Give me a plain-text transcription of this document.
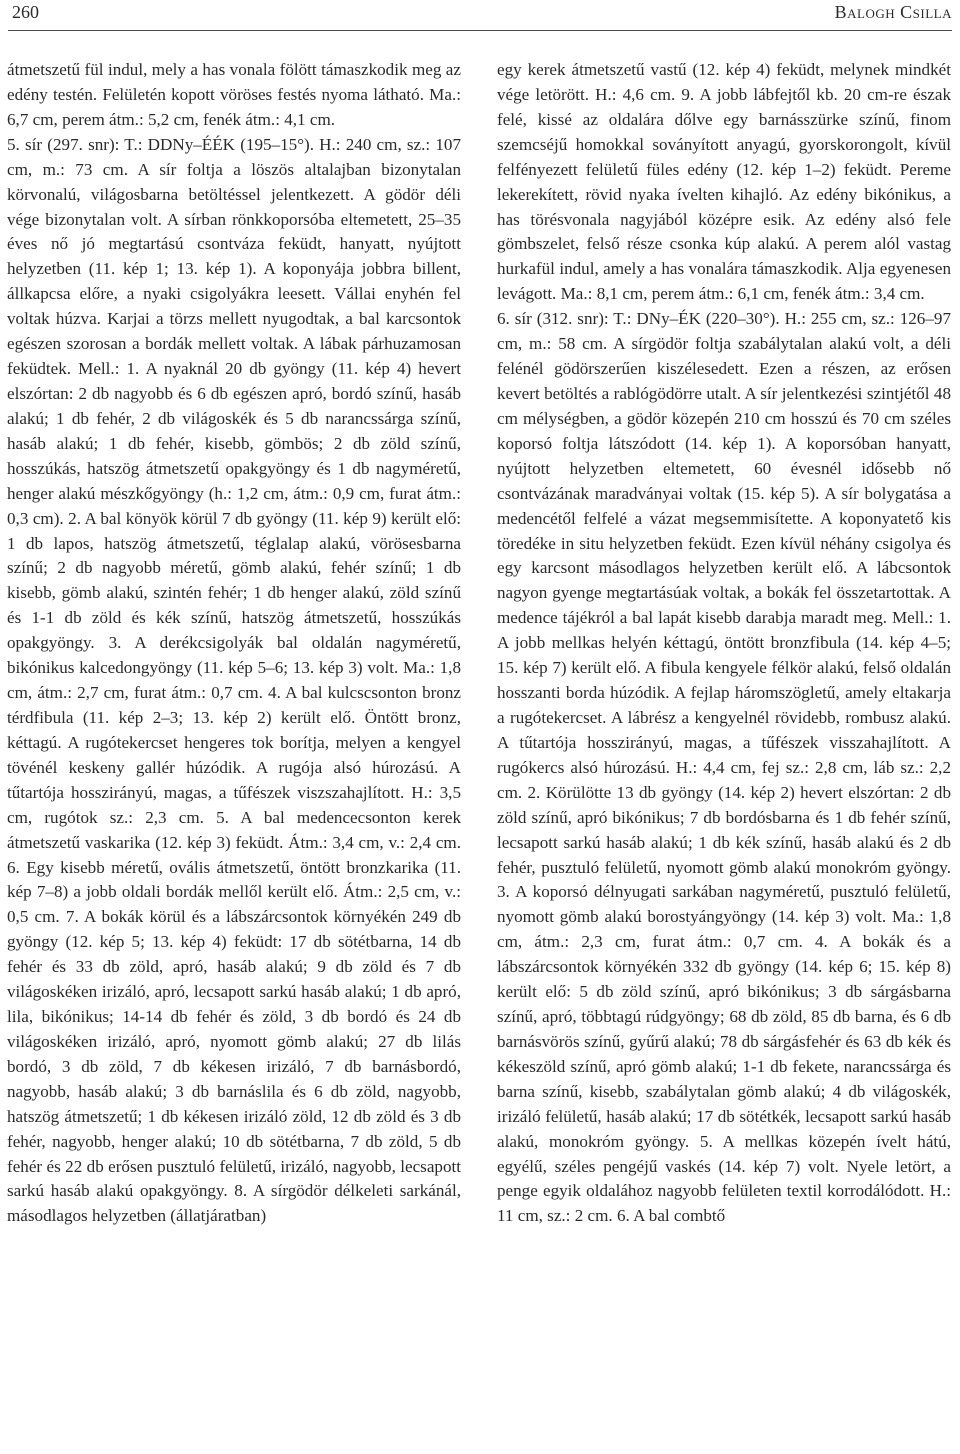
260	Balogh Csilla

átmetszetű fül indul, mely a has vonala fölött támaszkodik meg az edény testén. Felületén kopott vöröses festés nyoma látható. Ma.: 6,7 cm, perem átm.: 5,2 cm, fenék átm.: 4,1 cm.

5. sír (297. snr): T.: DDNy–ÉÉK (195–15°). H.: 240 cm, sz.: 107 cm, m.: 73 cm. A sír foltja a löszös altalajban bizonytalan körvonalú, világosbarna betöltéssel jelentkezett. A gödör déli vége bizonytalan volt. A sírban rönkkoporsóba eltemetett, 25–35 éves nő jó megtartású csontváza feküdt, hanyatt, nyújtott helyzetben (11. kép 1; 13. kép 1). A koponyája jobbra billent, állkapcsa előre, a nyaki csigolyákra leesett. Vállai enyhén fel voltak húzva. Karjai a törzs mellett nyugodtak, a bal karcsontok egészen szorosan a bordák mellett voltak. A lábak párhuzamosan feküdtek. Mell.: 1. A nyaknál 20 db gyöngy (11. kép 4) hevert elszórtan: 2 db nagyobb és 6 db egészen apró, bordó színű, hasáb alakú; 1 db fehér, 2 db világoskék és 5 db narancssárga színű, hasáb alakú; 1 db fehér, kisebb, gömbös; 2 db zöld színű, hosszúkás, hatszög átmetszetű opakgyöngy és 1 db nagyméretű, henger alakú mészkőgyöngy (h.: 1,2 cm, átm.: 0,9 cm, furat átm.: 0,3 cm). 2. A bal könyök körül 7 db gyöngy (11. kép 9) került elő: 1 db lapos, hatszög átmetszetű, téglalap alakú, vörösesbarna színű; 2 db nagyobb méretű, gömb alakú, fehér színű; 1 db kisebb, gömb alakú, szintén fehér; 1 db henger alakú, zöld színű és 1-1 db zöld és kék színű, hatszög átmetszetű, hosszúkás opakgyöngy. 3. A derékcsigolyák bal oldalán nagyméretű, bikónikus kalcedongyöngy (11. kép 5–6; 13. kép 3) volt. Ma.: 1,8 cm, átm.: 2,7 cm, furat átm.: 0,7 cm. 4. A bal kulcscsonton bronz térdfibula (11. kép 2–3; 13. kép 2) került elő. Öntött bronz, kéttagú. A rugótekercset hengeres tok borítja, melyen a kengyel tövénél keskeny gallér húzódik. A rugója alsó húrozású. A tűtartója hosszirányú, magas, a tűfészek viszszahajlított. H.: 3,5 cm, rugótok sz.: 2,3 cm. 5. A bal medencecsonton kerek átmetszetű vaskarika (12. kép 3) feküdt. Átm.: 3,4 cm, v.: 2,4 cm. 6. Egy kisebb méretű, ovális átmetszetű, öntött bronzkarika (11. kép 7–8) a jobb oldali bordák mellől került elő. Átm.: 2,5 cm, v.: 0,5 cm. 7. A bokák körül és a lábszárcsontok környékén 249 db gyöngy (12. kép 5; 13. kép 4) feküdt: 17 db sötétbarna, 14 db fehér és 33 db zöld, apró, hasáb alakú; 9 db zöld és 7 db világoskéken irizáló, apró, lecsapott sarkú hasáb alakú; 1 db apró, lila, bikónikus; 14-14 db fehér és zöld, 3 db bordó és 24 db világoskéken irizáló, apró, nyomott gömb alakú; 27 db lilás bordó, 3 db zöld, 7 db kékesen irizáló, 7 db barnásbordó, nagyobb, hasáb alakú; 3 db barnáslila és 6 db zöld, nagyobb, hatszög átmetszetű; 1 db kékesen irizáló zöld, 12 db zöld és 3 db fehér, nagyobb, henger alakú; 10 db sötétbarna, 7 db zöld, 5 db fehér és 22 db erősen pusztuló felületű, irizáló, nagyobb, lecsapott sarkú hasáb alakú opakgyöngy. 8. A sírgödör délkeleti sarkánál, másodlagos helyzetben (állatjáratban)

egy kerek átmetszetű vastű (12. kép 4) feküdt, melynek mindkét vége letörött. H.: 4,6 cm. 9. A jobb lábfejtől kb. 20 cm-re észak felé, kissé az oldalára dőlve egy barnásszürke színű, finom szemcséjű homokkal soványított anyagú, gyorskorongolt, kívül felfényezett felületű füles edény (12. kép 1–2) feküdt. Pereme lekerekített, rövid nyaka ívelten kihajló. Az edény bikónikus, a has törésvonala nagyjából középre esik. Az edény alsó fele gömbszelet, felső része csonka kúp alakú. A perem alól vastag hurkafül indul, amely a has vonalára támaszkodik. Alja egyenesen levágott. Ma.: 8,1 cm, perem átm.: 6,1 cm, fenék átm.: 3,4 cm.

6. sír (312. snr): T.: DNy–ÉK (220–30°). H.: 255 cm, sz.: 126–97 cm, m.: 58 cm. A sírgödör foltja szabálytalan alakú volt, a déli felénél gödörszerűen kiszélesedett. Ezen a részen, az erősen kevert betöltés a rablógödörre utalt. A sír jelentkezési szintjétől 48 cm mélységben, a gödör közepén 210 cm hosszú és 70 cm széles koporsó foltja látszódott (14. kép 1). A koporsóban hanyatt, nyújtott helyzetben eltemetett, 60 évesnél idősebb nő csontvázának maradványai voltak (15. kép 5). A sír bolygatása a medencétől felfelé a vázat megsemmisítette. A koponyatető kis töredéke in situ helyzetben feküdt. Ezen kívül néhány csigolya és egy karcsont másodlagos helyzetben került elő. A lábcsontok nagyon gyenge megtartásúak voltak, a bokák fel összetartottak. A medence tájékról a bal lapát kisebb darabja maradt meg. Mell.: 1. A jobb mellkas helyén kéttagú, öntött bronzfibula (14. kép 4–5; 15. kép 7) került elő. A fibula kengyele félkör alakú, felső oldalán hosszanti borda húzódik. A fejlap háromszögletű, amely eltakarja a rugótekercset. A lábrész a kengyelnél rövidebb, rombusz alakú. A tűtartója hosszirányú, magas, a tűfészek visszahajlított. A rugókercs alsó húrozású. H.: 4,4 cm, fej sz.: 2,8 cm, láb sz.: 2,2 cm. 2. Körülötte 13 db gyöngy (14. kép 2) hevert elszórtan: 2 db zöld színű, apró bikónikus; 7 db bordósbarna és 1 db fehér színű, lecsapott sarkú hasáb alakú; 1 db kék színű, hasáb alakú és 2 db fehér, pusztuló felületű, nyomott gömb alakú monokróm gyöngy. 3. A koporsó délnyugati sarkában nagyméretű, pusztuló felületű, nyomott gömb alakú borostyángyöngy (14. kép 3) volt. Ma.: 1,8 cm, átm.: 2,3 cm, furat átm.: 0,7 cm. 4. A bokák és a lábszárcsontok környékén 332 db gyöngy (14. kép 6; 15. kép 8) került elő: 5 db zöld színű, apró bikónikus; 3 db sárgásbarna színű, apró, többtagú rúdgyöngy; 68 db zöld, 85 db barna, és 6 db barnásvörös színű, gyűrű alakú; 78 db sárgásfehér és 63 db kék és kékeszöld színű, apró gömb alakú; 1-1 db fekete, narancssárga és barna színű, kisebb, szabálytalan gömb alakú; 4 db világoskék, irizáló felületű, hasáb alakú; 17 db sötétkék, lecsapott sarkú hasáb alakú, monokróm gyöngy. 5. A mellkas közepén ívelt hátú, egyélű, széles pengéjű vaskés (14. kép 7) volt. Nyele letört, a penge egyik oldalához nagyobb felületen textil korrodálódott. H.: 11 cm, sz.: 2 cm. 6. A bal combtő
